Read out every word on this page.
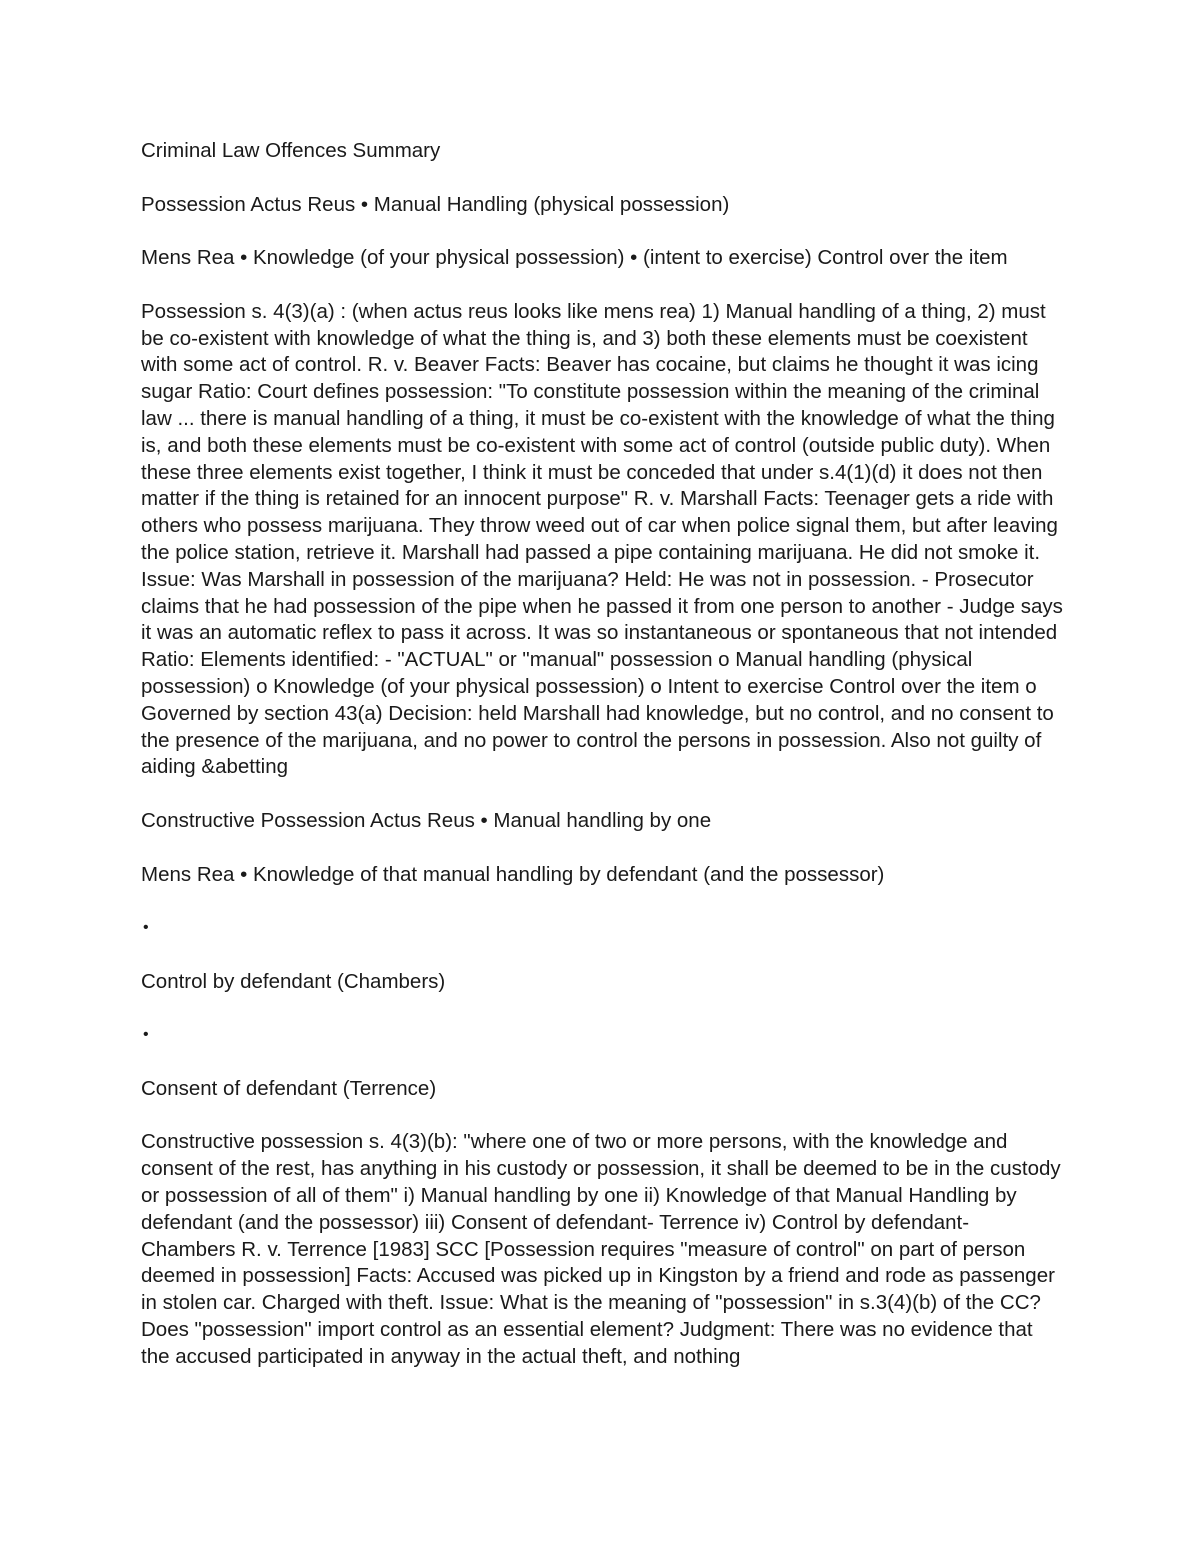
Criminal Law Offences Summary

Possession Actus Reus • Manual Handling (physical possession)

Mens Rea • Knowledge (of your physical possession) • (intent to exercise) Control over the item

Possession s. 4(3)(a) : (when actus reus looks like mens rea) 1) Manual handling of a thing, 2) must be co-existent with knowledge of what the thing is, and 3) both these elements must be coexistent with some act of control. R. v. Beaver Facts: Beaver has cocaine, but claims he thought it was icing sugar Ratio: Court defines possession: "To constitute possession within the meaning of the criminal law ... there is manual handling of a thing, it must be co-existent with the knowledge of what the thing is, and both these elements must be co-existent with some act of control (outside public duty). When these three elements exist together, I think it must be conceded that under s.4(1)(d) it does not then matter if the thing is retained for an innocent purpose" R. v. Marshall Facts: Teenager gets a ride with others who possess marijuana. They throw weed out of car when police signal them, but after leaving the police station, retrieve it. Marshall had passed a pipe containing marijuana. He did not smoke it. Issue: Was Marshall in possession of the marijuana? Held: He was not in possession. - Prosecutor claims that he had possession of the pipe when he passed it from one person to another - Judge says it was an automatic reflex to pass it across. It was so instantaneous or spontaneous that not intended Ratio: Elements identified: - "ACTUAL" or "manual" possession o Manual handling (physical possession) o Knowledge (of your physical possession) o Intent to exercise Control over the item o Governed by section 43(a) Decision: held Marshall had knowledge, but no control, and no consent to the presence of the marijuana, and no power to control the persons in possession. Also not guilty of aiding &abetting

Constructive Possession Actus Reus • Manual handling by one

Mens Rea • Knowledge of that manual handling by defendant (and the possessor)

•

Control by defendant (Chambers)

•

Consent of defendant (Terrence)

Constructive possession s. 4(3)(b): "where one of two or more persons, with the knowledge and consent of the rest, has anything in his custody or possession, it shall be deemed to be in the custody or possession of all of them" i) Manual handling by one ii) Knowledge of that Manual Handling by defendant (and the possessor) iii) Consent of defendant- Terrence iv) Control by defendant- Chambers R. v. Terrence [1983] SCC [Possession requires "measure of control" on part of person deemed in possession] Facts: Accused was picked up in Kingston by a friend and rode as passenger in stolen car. Charged with theft. Issue: What is the meaning of "possession" in s.3(4)(b) of the CC? Does "possession" import control as an essential element? Judgment: There was no evidence that the accused participated in anyway in the actual theft, and nothing
